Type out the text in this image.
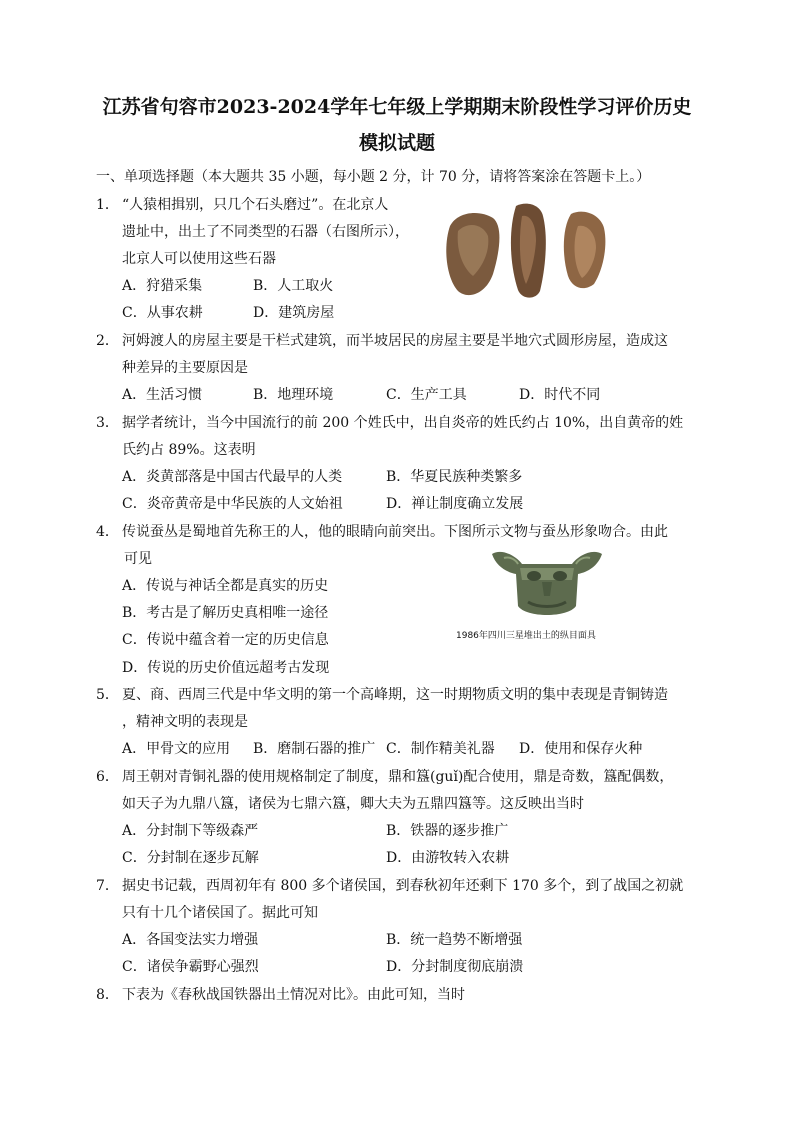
江苏省句容市2023-2024学年七年级上学期期末阶段性学习评价历史
模拟试题
一、单项选择题（本大题共 35 小题，每小题 2 分，计 70 分，请将答案涂在答题卡上。）
1． “人猿相揖别，只几个石头磨过”。在北京人
遗址中，出土了不同类型的石器（右图所示），
北京人可以使用这些石器
A．狩猎采集	B．人工取火
C．从事农耕	D．建筑房屋
2． 河姆渡人的房屋主要是干栏式建筑，而半坡居民的房屋主要是半地穴式圆形房屋，造成这
种差异的主要原因是
A．生活习惯	B．地理环境	C．生产工具	D．时代不同
3． 据学者统计，当今中国流行的前 200 个姓氏中，出自炎帝的姓氏约占 10%，出自黄帝的姓
氏约占 89%。这表明
A．炎黄部落是中国古代最早的人类	B．华夏民族种类繁多
C．炎帝黄帝是中华民族的人文始祖	D．禅让制度确立发展
4． 传说蚕丛是蜀地首先称王的人，他的眼睛向前突出。下图所示文物与蚕丛形象吻合。由此
可见
A．传说与神话全都是真实的历史
B．考古是了解历史真相唯一途径
C．传说中蕴含着一定的历史信息
D．传说的历史价值远超考古发现
1986年四川三星堆出土的纵目面具
5． 夏、商、西周三代是中华文明的第一个高峰期，这一时期物质文明的集中表现是青铜铸造
，精神文明的表现是
A．甲骨文的应用 B．磨制石器的推广 C．制作精美礼器 D．使用和保存火种
6． 周王朝对青铜礼器的使用规格制定了制度，鼎和簋(guǐ)配合使用，鼎是奇数，簋配偶数，
如天子为九鼎八簋，诸侯为七鼎六簋，卿大夫为五鼎四簋等。这反映出当时
A．分封制下等级森严	B．铁器的逐步推广
C．分封制在逐步瓦解	D．由游牧转入农耕
7． 据史书记载，西周初年有 800 多个诸侯国，到春秋初年还剩下 170 多个，到了战国之初就
只有十几个诸侯国了。据此可知
A．各国变法实力增强	B．统一趋势不断增强
C．诸侯争霸野心强烈	D．分封制度彻底崩溃
8． 下表为《春秋战国铁器出土情况对比》。由此可知，当时
